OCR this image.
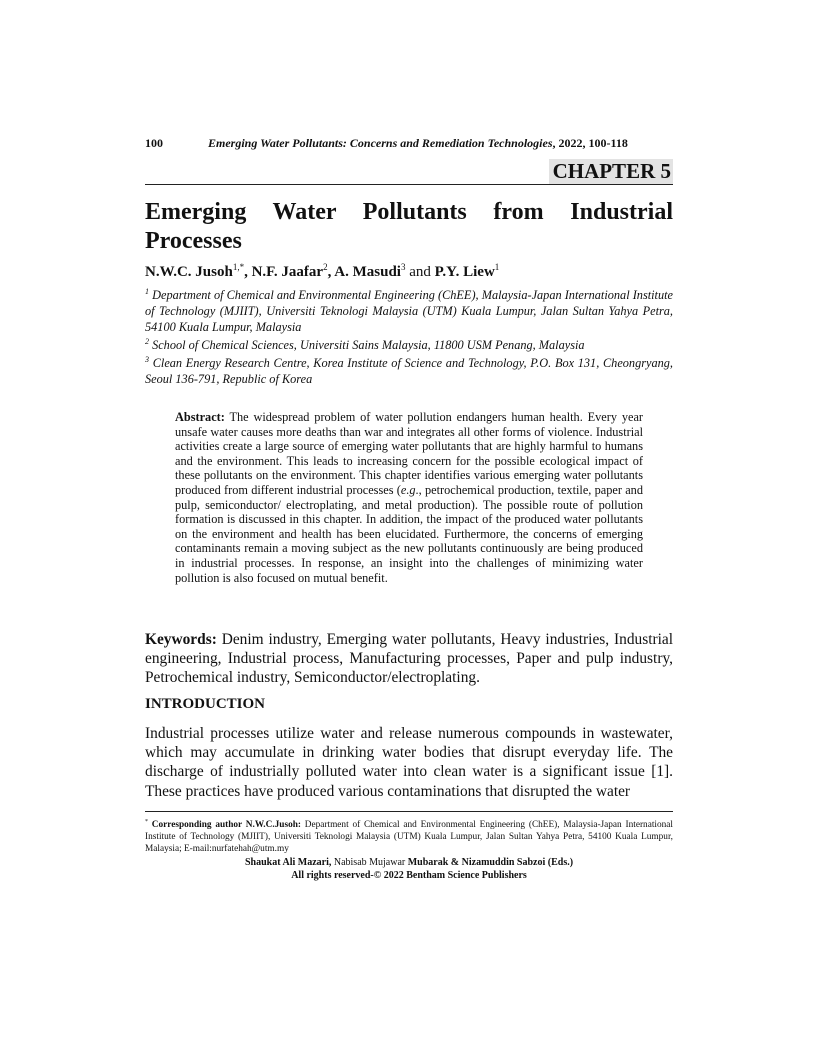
100	Emerging Water Pollutants: Concerns and Remediation Technologies, 2022, 100-118
CHAPTER 5
Emerging Water Pollutants from Industrial Processes
N.W.C. Jusoh$^{1,*}$, N.F. Jaafar$^2$, A. Masudi$^3$ and P.Y. Liew$^1$
$^1$ Department of Chemical and Environmental Engineering (ChEE), Malaysia-Japan International Institute of Technology (MJIIT), Universiti Teknologi Malaysia (UTM) Kuala Lumpur, Jalan Sultan Yahya Petra, 54100 Kuala Lumpur, Malaysia
$^2$ School of Chemical Sciences, Universiti Sains Malaysia, 11800 USM Penang, Malaysia
$^3$ Clean Energy Research Centre, Korea Institute of Science and Technology, P.O. Box 131, Cheongryang, Seoul 136-791, Republic of Korea
Abstract: The widespread problem of water pollution endangers human health. Every year unsafe water causes more deaths than war and integrates all other forms of violence. Industrial activities create a large source of emerging water pollutants that are highly harmful to humans and the environment. This leads to increasing concern for the possible ecological impact of these pollutants on the environment. This chapter identifies various emerging water pollutants produced from different industrial processes (e.g., petrochemical production, textile, paper and pulp, semiconductor/ electroplating, and metal production). The possible route of pollution formation is discussed in this chapter. In addition, the impact of the produced water pollutants on the environment and health has been elucidated. Furthermore, the concerns of emerging contaminants remain a moving subject as the new pollutants continuously are being produced in industrial processes. In response, an insight into the challenges of minimizing water pollution is also focused on mutual benefit.
Keywords: Denim industry, Emerging water pollutants, Heavy industries, Industrial engineering, Industrial process, Manufacturing processes, Paper and pulp industry, Petrochemical industry, Semiconductor/electroplating.
INTRODUCTION
Industrial processes utilize water and release numerous compounds in wastewater, which may accumulate in drinking water bodies that disrupt everyday life. The discharge of industrially polluted water into clean water is a significant issue [1]. These practices have produced various contaminations that disrupted the water
* Corresponding author N.W.C.Jusoh: Department of Chemical and Environmental Engineering (ChEE), Malaysia-Japan International Institute of Technology (MJIIT), Universiti Teknologi Malaysia (UTM) Kuala Lumpur, Jalan Sultan Yahya Petra, 54100 Kuala Lumpur, Malaysia; E-mail:nurfatehah@utm.my
Shaukat Ali Mazari, Nabisab Mujawar Mubarak & Nizamuddin Sabzoi (Eds.)
All rights reserved-© 2022 Bentham Science Publishers
